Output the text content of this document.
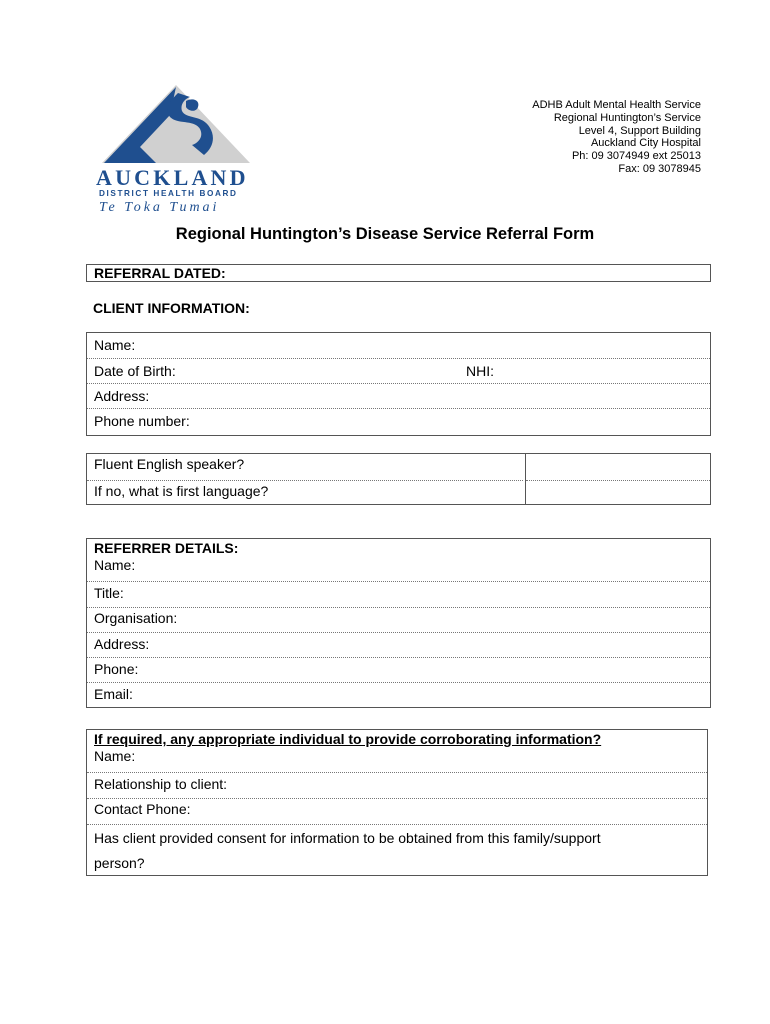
AUCKLAND
DISTRICT HEALTH BOARD
Te Toka Tumai
ADHB Adult Mental Health Service
Regional Huntington’s Service
Level 4, Support Building
Auckland City Hospital
Ph: 09 3074949 ext 25013
Fax: 09 3078945
Regional Huntington’s Disease Service Referral Form
REFERRAL DATED:
CLIENT INFORMATION:
Name:
Date of Birth:	NHI:
Address:
Phone number:
Fluent English speaker?
If no, what is first language?
REFERRER DETAILS:
Name:
Title:
Organisation:
Address:
Phone:
Email:
If required, any appropriate individual to provide corroborating information?
Name:
Relationship to client:
Contact Phone:
Has client provided consent for information to be obtained from this family/support
person?
